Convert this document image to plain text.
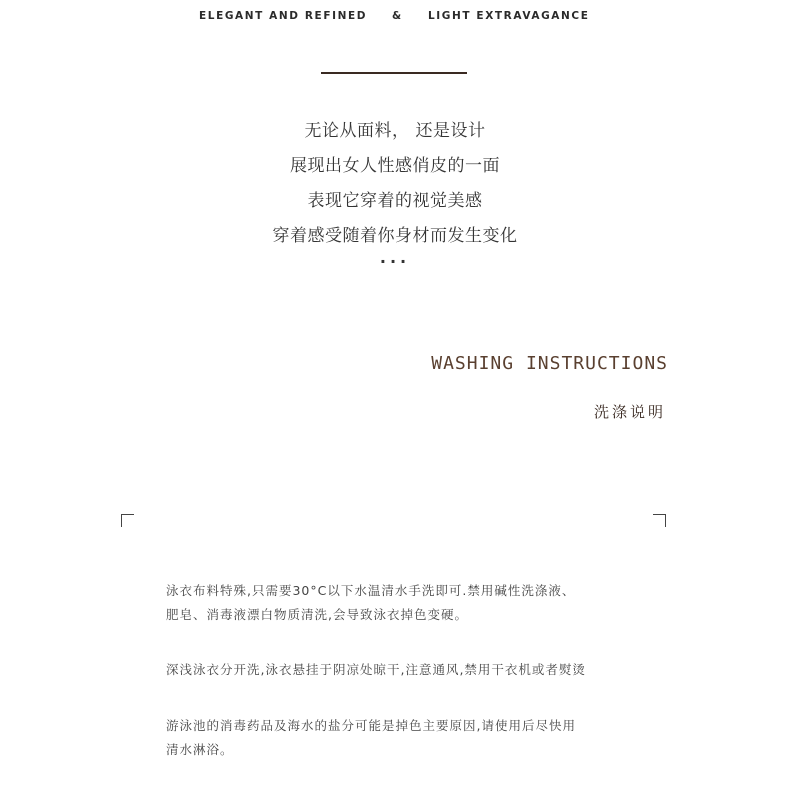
ELEGANT AND REFINED & LIGHT EXTRAVAGANCE
无论从面料， 还是设计
展现出女人性感俏皮的一面
表现它穿着的视觉美感
穿着感受随着你身材而发生变化
···
WASHING INSTRUCTIONS
洗涤说明

泳衣布料特殊,只需要30°C以下水温清水手洗即可.禁用碱性洗涤液、

肥皂、消毒液漂白物质清洗,会导致泳衣掉色变硬。

深浅泳衣分开洗,泳衣悬挂于阴凉处晾干,注意通风,禁用干衣机或者熨烫

游泳池的消毒药品及海水的盐分可能是掉色主要原因,请使用后尽快用

清水淋浴。
